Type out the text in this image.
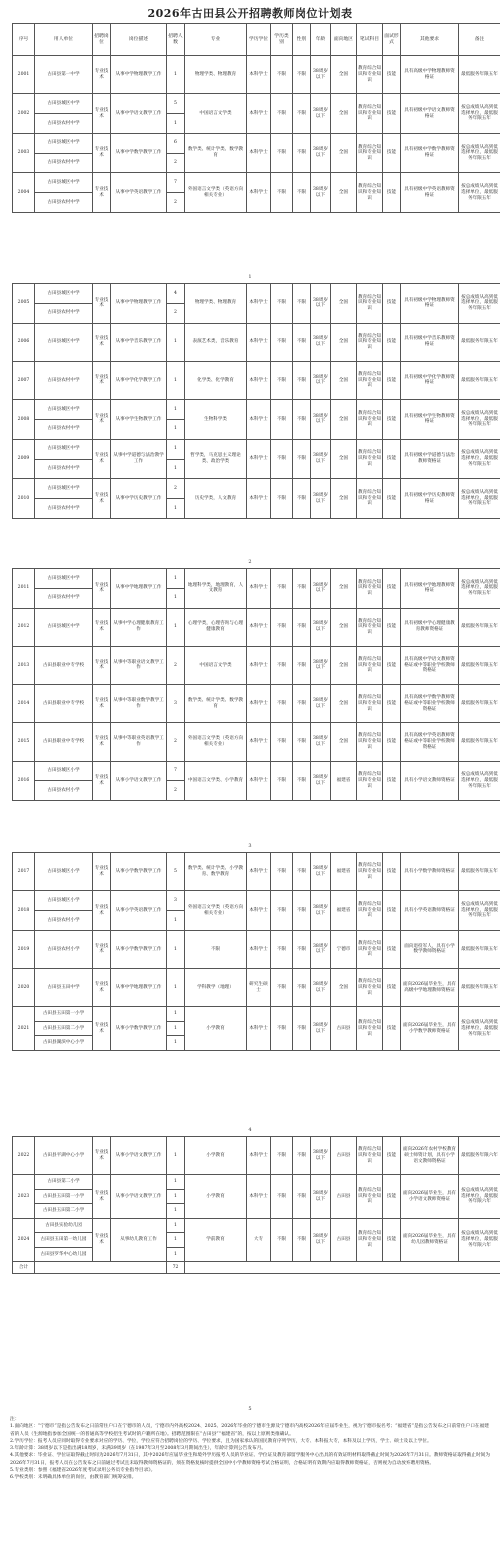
2026年古田县公开招聘教师岗位计划表
序号	用人单位	招聘岗位	岗位描述	招聘人数	专业	学历学位	学历类别	性别	年龄	面向地区	笔试科目	面试形式	其他要求	备注
2001	古田县第一中学	专业技术	从事中学物理教学工作	1	物理学类、物理教育	本科学士	不限	不限	38周岁以下	全国	教育综合知识和专业知识	技能	具有高级中学物理教师资格证	最低服务年限五年
2002	古田县城区中学	专业技术	从事中学语文教学工作	5	中国语言文学类	本科学士	不限	不限	38周岁以下	全国	教育综合知识和专业知识	技能	具有初级中学语文教师资格证	按总成绩从高到低选择单位，最低服务年限五年
	古田县农村中学			1										
2003	古田县城区中学	专业技术	从事中学数学教学工作	6	数学类、统计学类、数学教育	本科学士	不限	不限	38周岁以下	全国	教育综合知识和专业知识	技能	具有初级中学数学教师资格证	按总成绩从高到低选择单位，最低服务年限五年
	古田县农村中学			2										
2004	古田县城区中学	专业技术	从事中学英语教学工作	7	外国语言文学类（英语方向相关专业）	本科学士	不限	不限	38周岁以下	全国	教育综合知识和专业知识	技能	具有初级中学英语教师资格证	按总成绩从高到低选择单位，最低服务年限五年
	古田县农村中学			2										
1
2005	古田县城区中学	专业技术	从事中学物理教学工作	4	物理学类、物理教育	本科学士	不限	不限	38周岁以下	全国	教育综合知识和专业知识	技能	具有初级中学物理教师资格证	按总成绩从高到低选择单位，最低服务年限五年
	古田县农村中学			2										
2006	古田县城区中学	专业技术	从事中学音乐教学工作	1	表演艺术类，音乐教育	本科学士	不限	不限	38周岁以下	全国	教育综合知识和专业知识	技能	具有初级中学音乐教师资格证	最低服务年限五年
2007	古田县农村中学	专业技术	从事中学化学教学工作	1	化学类、化学教育	本科学士	不限	不限	38周岁以下	全国	教育综合知识和专业知识	技能	具有初级中学化学教师资格证	最低服务年限五年
2008	古田县城区中学	专业技术	从事中学生物教学工作	1	生物科学类	本科学士	不限	不限	38周岁以下	全国	教育综合知识和专业知识	技能	具有初级中学生物教师资格证	按总成绩从高到低选择单位，最低服务年限五年
	古田县农村中学			1										
2009	古田县城区中学	专业技术	从事中学道德与法治教学工作	1	哲学类，马克思主义理论类、政治学类	本科学士	不限	不限	38周岁以下	全国	教育综合知识和专业知识	技能	具有初级中学道德与法治教师资格证	按总成绩从高到低选择单位，最低服务年限五年
	古田县农村中学			1										
2010	古田县城区中学	专业技术	从事中学历史教学工作	2	历史学类，人文教育	本科学士	不限	不限	38周岁以下	全国	教育综合知识和专业知识	技能	具有初级中学历史教师资格证	按总成绩从高到低选择单位，最低服务年限五年
	古田县农村中学			1										
2
2011	古田县城区中学	专业技术	从事中学地理教学工作	1	地理科学类，地理教育，人文教育	本科学士	不限	不限	38周岁以下	全国	教育综合知识和专业知识	技能	具有初级中学地理教师资格证	按总成绩从高到低选择单位，最低服务年限五年
	古田县农村中学			1										
2012	古田县城区中学	专业技术	从事中学心理健康教育工作	1	心理学类，心理咨询与心理健康教育	本科学士	不限	不限	38周岁以下	全国	教育综合知识和专业知识	技能	具有初级中学心理健康教育教师资格证	最低服务年限五年
2013	古田县职业中专学校	专业技术	从事中等职业语文教学工作	2	中国语言文学类	本科学士	不限	不限	38周岁以下	全国	教育综合知识和专业知识	技能	具有高级中学语文教师资格证或中等职业学校教师资格证	最低服务年限五年
2014	古田县职业中专学校	专业技术	从事中等职业数学教学工作	3	数学类、统计学类、数学教育	本科学士	不限	不限	38周岁以下	全国	教育综合知识和专业知识	技能	具有高级中学数学教师资格证或中等职业学校教师资格证	最低服务年限五年
2015	古田县职业中专学校	专业技术	从事中等职业英语教学工作	2	外国语言文学类（英语方向相关专业）	本科学士	不限	不限	38周岁以下	全国	教育综合知识和专业知识	技能	具有高级中学英语教师资格证或中等职业学校教师资格证	最低服务年限五年
2016	古田县城区小学	专业技术	从事小学语文教学工作	7	中国语言文学类、小学教育	本科学士	不限	不限	38周岁以下	福建省	教育综合知识和专业知识	技能	具有小学语文教师资格证	按总成绩从高到低选择单位，最低服务年限五年
	古田县农村小学			2										
3
2017	古田县城区小学	专业技术	从事小学数学教学工作	5	数学类、统计学类、小学教育、数学教育	本科学士	不限	不限	38周岁以下	福建省	教育综合知识和专业知识	技能	具有小学数学教师资格证	最低服务年限五年
2018	古田县城区小学	专业技术	从事小学英语教学工作	3	外国语言文学类（英语方向相关专业）	本科学士	不限	不限	38周岁以下	福建省	教育综合知识和专业知识	技能	具有小学英语教师资格证	按总成绩从高到低选择单位，最低服务年限五年
	古田县农村小学			1										
2019	古田县农村小学	专业技术	从事小学数学教学工作	1	不限	本科学士	不限	不限	38周岁以下	宁德市	教育综合知识和专业知识	技能	面向退役军人，具有小学数学教师资格证	最低服务年限五年
2020	古田县玉田中学	专业技术	从事中学地理教学工作	1	学科教学（地理）	研究生硕士	不限	不限	38周岁以下	全国	教育综合知识和专业知识	技能	面向2026届毕业生，具有高级中学地理教师资格证	最低服务年限五年
2021	古田县玉田第一小学	专业技术	从事小学数学教学工作	1	小学教育	本科学士	不限	不限	38周岁以下	古田县	教育综合知识和专业知识	技能	面向2026届毕业生，具有小学数学教师资格证	按总成绩从高到低选择单位，最低服务年限五年
	古田县玉田第二小学			1										
	古田县湖滨中心小学			1										
4
2022	古田县平湖中心小学	专业技术	从事小学语文教学工作	1	小学教育	本科学士	不限	不限	38周岁以下	古田县	教育综合知识和专业知识	技能	面向2026年农村学校教育硕士师资计划，具有小学语文教师资格证	最低服务年限六年
2023	古田县第二小学	专业技术	从事小学语文教学工作	1	小学教育	本科学士	不限	不限	38周岁以下	古田县	教育综合知识和专业知识	技能	面向2026届毕业生，具有小学语文教师资格证	按总成绩从高到低选择单位，最低服务年限六年
	古田县玉田第一小学			1										
	古田县玉田第二小学			1										
2024	古田县实验幼儿园	专业技术	从事幼儿教育工作	1	学前教育	大专	不限	不限	38周岁以下	古田县	教育综合知识和专业知识	技能	面向2026届毕业生，具有幼儿园教师资格证	按总成绩从高到低选择单位，最低服务年限六年
	古田县玉田第一幼儿园			1										
	古田县罗华中心幼儿园			1										
合计				72										
5
注：
1.面向地区：“宁德市”是指公告发布之日前常住户口在宁德市的人员，宁德市内外高校2024、2025、2026年毕业的宁德市生源及宁德市内高校2026年应届毕业生，视为宁德市报名考；“福建省”是指公告发布之日前常住户口在福建省的人员（生源地指参加全国统一的普通高等学校招生考试时的户籍所在地）。招聘范围限在“古田县”“福建省”的，按以上原则类推确认。
2.学历学位：报考人员应同时取得专业要求对应的学历、学位，学位应符合招聘岗位的学历、学位要求，且为国家承认的国民教育序列学历，大专、本科报大专，本科及以上学历，学士、硕士及以上学位。
3.年龄计算：38周岁以下是指出满18周岁，未满39周岁（在1987年3月至2008年3月期间出生），年龄计算到公告发布月。
4.其他要求：毕业证、学位证取得截止时间为2026年7月31日，其中2026年应届毕业生和境外学历报考人员的毕业证、学位证及教育部留学服务中心出具的有效证明材料取得截止时间为2026年7月31日。教师资格证取得截止时间为2026年7月31日，报考人员在公告发布之日前通过考试且未取得教师资格证的，须在资格复核时提供全国中小学教师资格考试合格证明，合格证明有效期内应取得教师资格证，否则视为自动放弃聘用资格。
5.专业类别：参照《福建省2026年度考试录用公务员专业指导目录》。
6.学校类别：未明确具体单位的岗位，由教育部门统筹安排。
